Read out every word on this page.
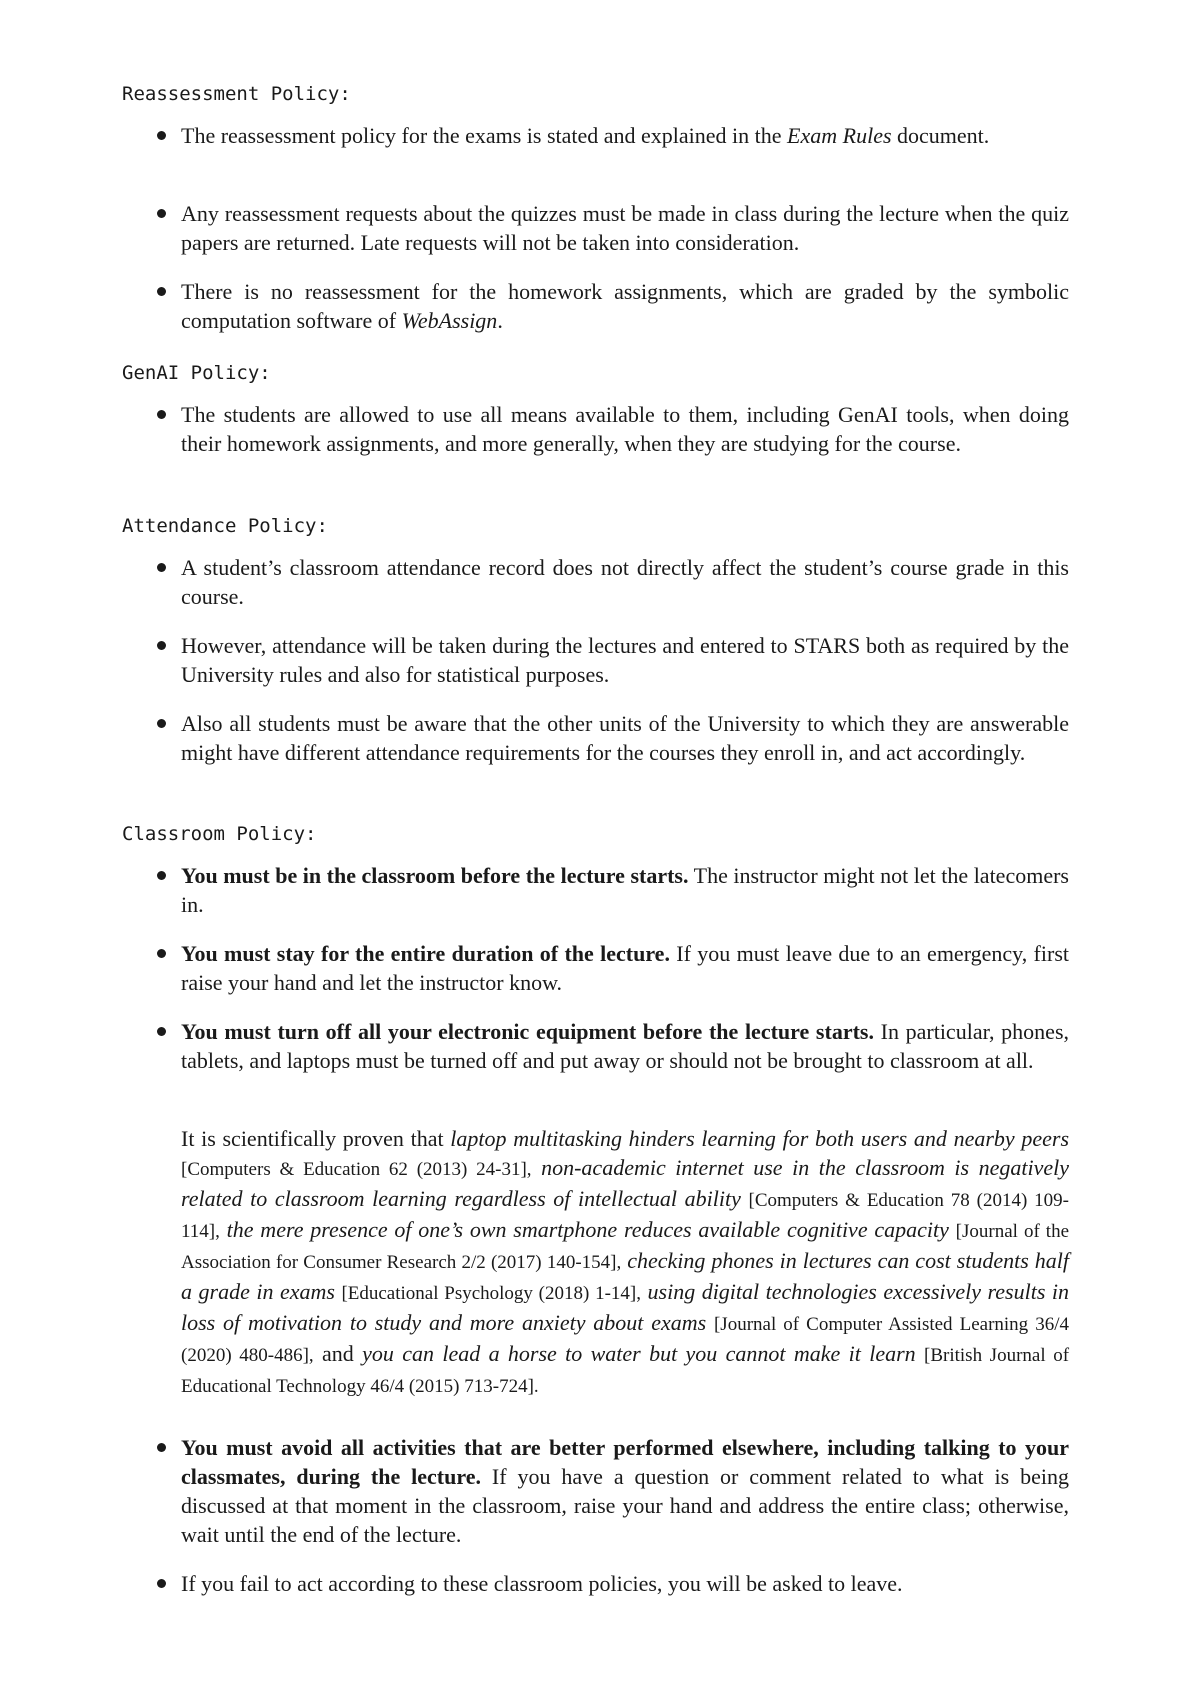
Reassessment Policy:

The reassessment policy for the exams is stated and explained in the Exam Rules document.

Any reassessment requests about the quizzes must be made in class during the lecture when the quiz papers are returned. Late requests will not be taken into consideration.

There is no reassessment for the homework assignments, which are graded by the symbolic computation software of WebAssign.

GenAI Policy:

The students are allowed to use all means available to them, including GenAI tools, when doing their homework assignments, and more generally, when they are studying for the course.

Attendance Policy:

A student’s classroom attendance record does not directly affect the student’s course grade in this course.

However, attendance will be taken during the lectures and entered to STARS both as required by the University rules and also for statistical purposes.

Also all students must be aware that the other units of the University to which they are answerable might have different attendance requirements for the courses they enroll in, and act accordingly.

Classroom Policy:

You must be in the classroom before the lecture starts. The instructor might not let the latecomers in.

You must stay for the entire duration of the lecture. If you must leave due to an emergency, first raise your hand and let the instructor know.

You must turn off all your electronic equipment before the lecture starts. In particular, phones, tablets, and laptops must be turned off and put away or should not be brought to classroom at all.

It is scientifically proven that laptop multitasking hinders learning for both users and nearby peers [Computers & Education 62 (2013) 24-31], non-academic internet use in the classroom is negatively related to classroom learning regardless of intellectual ability [Computers & Education 78 (2014) 109-114], the mere presence of one’s own smartphone reduces available cognitive capacity [Journal of the Association for Consumer Research 2/2 (2017) 140-154], checking phones in lectures can cost students half a grade in exams [Educational Psychology (2018) 1-14], using digital technologies excessively results in loss of motivation to study and more anxiety about exams [Journal of Computer Assisted Learning 36/4 (2020) 480-486], and you can lead a horse to water but you cannot make it learn [British Journal of Educational Technology 46/4 (2015) 713-724].

You must avoid all activities that are better performed elsewhere, including talking to your classmates, during the lecture. If you have a question or comment related to what is being discussed at that moment in the classroom, raise your hand and address the entire class; otherwise, wait until the end of the lecture.

If you fail to act according to these classroom policies, you will be asked to leave.
